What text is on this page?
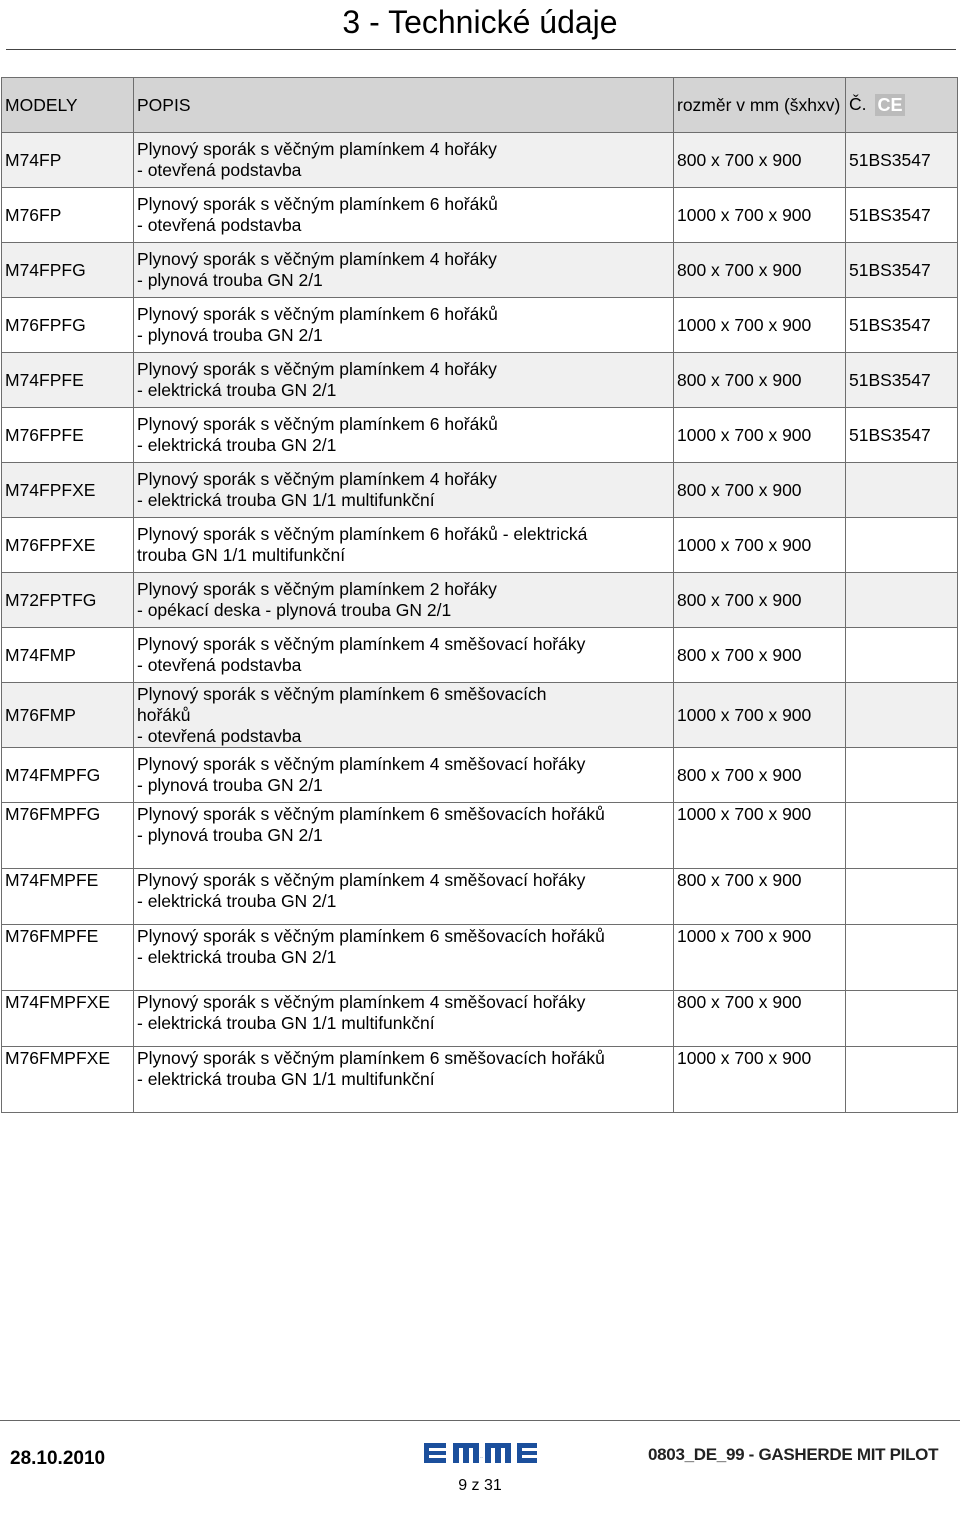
3 - Technické údaje
MODELY	POPIS	rozměr v mm (šxhxv)	Č. CE

M74FP	Plynový sporák s věčným plamínkem 4 hořáky
- otevřená podstavba	800 x 700 x 900	51BS3547
M76FP	Plynový sporák s věčným plamínkem 6 hořáků
- otevřená podstavba	1000 x 700 x 900	51BS3547
M74FPFG	Plynový sporák s věčným plamínkem 4 hořáky
- plynová trouba GN 2/1	800 x 700 x 900	51BS3547
M76FPFG	Plynový sporák s věčným plamínkem 6 hořáků
- plynová trouba GN 2/1	1000 x 700 x 900	51BS3547
M74FPFE	Plynový sporák s věčným plamínkem 4 hořáky
- elektrická trouba GN 2/1	800 x 700 x 900	51BS3547
M76FPFE	Plynový sporák s věčným plamínkem 6 hořáků
- elektrická trouba GN 2/1	1000 x 700 x 900	51BS3547
M74FPFXE	Plynový sporák s věčným plamínkem 4 hořáky
- elektrická trouba GN 1/1 multifunkční	800 x 700 x 900	
M76FPFXE	Plynový sporák s věčným plamínkem 6 hořáků - elektrická
trouba GN 1/1 multifunkční	1000 x 700 x 900	
M72FPTFG	Plynový sporák s věčným plamínkem 2 hořáky
- opékací deska - plynová trouba GN 2/1	800 x 700 x 900	
M74FMP	Plynový sporák s věčným plamínkem 4 směšovací hořáky
- otevřená podstavba	800 x 700 x 900	
M76FMP	Plynový sporák s věčným plamínkem 6 směšovacích
hořáků
- otevřená podstavba	1000 x 700 x 900	
M74FMPFG	Plynový sporák s věčným plamínkem 4 směšovací hořáky
- plynová trouba GN 2/1	800 x 700 x 900	
M76FMPFG	Plynový sporák s věčným plamínkem 6 směšovacích hořáků
- plynová trouba GN 2/1	1000 x 700 x 900	
M74FMPFE	Plynový sporák s věčným plamínkem 4 směšovací hořáky
- elektrická trouba GN 2/1	800 x 700 x 900	
M76FMPFE	Plynový sporák s věčným plamínkem 6 směšovacích hořáků
- elektrická trouba GN 2/1	1000 x 700 x 900	
M74FMPFXE	Plynový sporák s věčným plamínkem 4 směšovací hořáky
- elektrická trouba GN 1/1 multifunkční	800 x 700 x 900	
M76FMPFXE	Plynový sporák s věčným plamínkem 6 směšovacích hořáků
- elektrická trouba GN 1/1 multifunkční	1000 x 700 x 900	
28.10.2010	EMME
9 z 31
0803_DE_99 - GASHERDE MIT PILOT
